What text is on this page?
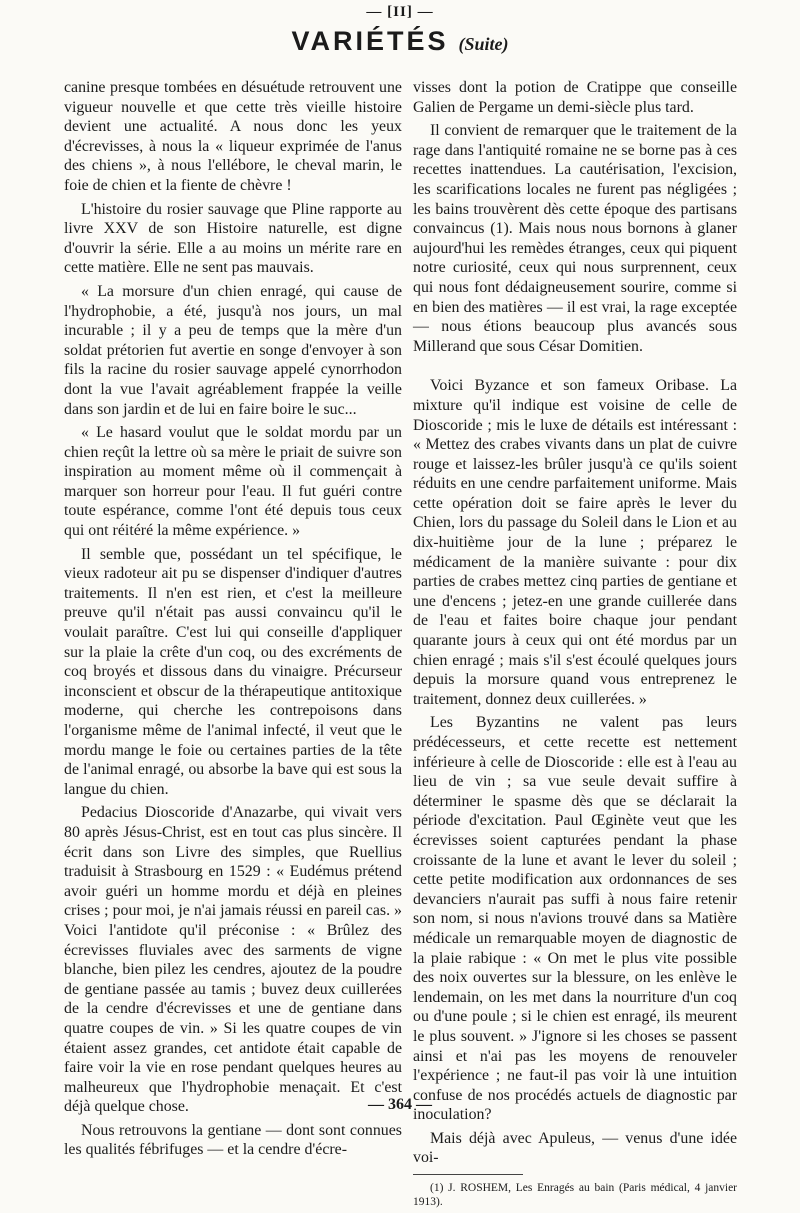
— [II] —
VARIÉTÉS (Suite)

canine presque tombées en désuétude retrouvent une vigueur nouvelle et que cette très vieille histoire devient une actualité. A nous donc les yeux d'écrevisses, à nous la « liqueur exprimée de l'anus des chiens », à nous l'ellébore, le cheval marin, le foie de chien et la fiente de chèvre !

L'histoire du rosier sauvage que Pline rapporte au livre XXV de son Histoire naturelle, est digne d'ouvrir la série. Elle a au moins un mérite rare en cette matière. Elle ne sent pas mauvais.

« La morsure d'un chien enragé, qui cause de l'hydrophobie, a été, jusqu'à nos jours, un mal incurable ; il y a peu de temps que la mère d'un soldat prétorien fut avertie en songe d'envoyer à son fils la racine du rosier sauvage appelé cynorrhodon dont la vue l'avait agréablement frappée la veille dans son jardin et de lui en faire boire le suc...

« Le hasard voulut que le soldat mordu par un chien reçût la lettre où sa mère le priait de suivre son inspiration au moment même où il commençait à marquer son horreur pour l'eau. Il fut guéri contre toute espérance, comme l'ont été depuis tous ceux qui ont réitéré la même expérience. »

Il semble que, possédant un tel spécifique, le vieux radoteur ait pu se dispenser d'indiquer d'autres traitements. Il n'en est rien, et c'est la meilleure preuve qu'il n'était pas aussi convaincu qu'il le voulait paraître. C'est lui qui conseille d'appliquer sur la plaie la crête d'un coq, ou des excréments de coq broyés et dissous dans du vinaigre. Précurseur inconscient et obscur de la thérapeutique antitoxique moderne, qui cherche les contrepoisons dans l'organisme même de l'animal infecté, il veut que le mordu mange le foie ou certaines parties de la tête de l'animal enragé, ou absorbe la bave qui est sous la langue du chien.

Pedacius Dioscoride d'Anazarbe, qui vivait vers 80 après Jésus-Christ, est en tout cas plus sincère. Il écrit dans son Livre des simples, que Ruellius traduisit à Strasbourg en 1529 : « Eudémus prétend avoir guéri un homme mordu et déjà en pleines crises ; pour moi, je n'ai jamais réussi en pareil cas. » Voici l'antidote qu'il préconise : « Brûlez des écrevisses fluviales avec des sarments de vigne blanche, bien pilez les cendres, ajoutez de la poudre de gentiane passée au tamis ; buvez deux cuillerées de la cendre d'écrevisses et une de gentiane dans quatre coupes de vin. » Si les quatre coupes de vin étaient assez grandes, cet antidote était capable de faire voir la vie en rose pendant quelques heures au malheureux que l'hydrophobie menaçait. Et c'est déjà quelque chose.

Nous retrouvons la gentiane — dont sont connues les qualités fébrifuges — et la cendre d'écre-

visses dont la potion de Cratippe que conseille Galien de Pergame un demi-siècle plus tard.

Il convient de remarquer que le traitement de la rage dans l'antiquité romaine ne se borne pas à ces recettes inattendues. La cautérisation, l'excision, les scarifications locales ne furent pas négligées ; les bains trouvèrent dès cette époque des partisans convaincus (1). Mais nous nous bornons à glaner aujourd'hui les remèdes étranges, ceux qui piquent notre curiosité, ceux qui nous surprennent, ceux qui nous font dédaigneusement sourire, comme si en bien des matières — il est vrai, la rage exceptée — nous étions beaucoup plus avancés sous Millerand que sous César Domitien.

Voici Byzance et son fameux Oribase. La mixture qu'il indique est voisine de celle de Dioscoride ; mis le luxe de détails est intéressant : « Mettez des crabes vivants dans un plat de cuivre rouge et laissez-les brûler jusqu'à ce qu'ils soient réduits en une cendre parfaitement uniforme. Mais cette opération doit se faire après le lever du Chien, lors du passage du Soleil dans le Lion et au dix-huitième jour de la lune ; préparez le médicament de la manière suivante : pour dix parties de crabes mettez cinq parties de gentiane et une d'encens ; jetez-en une grande cuillerée dans de l'eau et faites boire chaque jour pendant quarante jours à ceux qui ont été mordus par un chien enragé ; mais s'il s'est écoulé quelques jours depuis la morsure quand vous entreprenez le traitement, donnez deux cuillerées. »

Les Byzantins ne valent pas leurs prédécesseurs, et cette recette est nettement inférieure à celle de Dioscoride : elle est à l'eau au lieu de vin ; sa vue seule devait suffire à déterminer le spasme dès que se déclarait la période d'excitation. Paul Œginète veut que les écrevisses soient capturées pendant la phase croissante de la lune et avant le lever du soleil ; cette petite modification aux ordonnances de ses devanciers n'aurait pas suffi à nous faire retenir son nom, si nous n'avions trouvé dans sa Matière médicale un remarquable moyen de diagnostic de la plaie rabique : « On met le plus vite possible des noix ouvertes sur la blessure, on les enlève le lendemain, on les met dans la nourriture d'un coq ou d'une poule ; si le chien est enragé, ils meurent le plus souvent. » J'ignore si les choses se passent ainsi et n'ai pas les moyens de renouveler l'expérience ; ne faut-il pas voir là une intuition confuse de nos procédés actuels de diagnostic par inoculation?

Mais déjà avec Apuleus, — venus d'une idée voi-

(1) J. ROSHEM, Les Enragés au bain (Paris médical, 4 janvier 1913).

— 364 —
